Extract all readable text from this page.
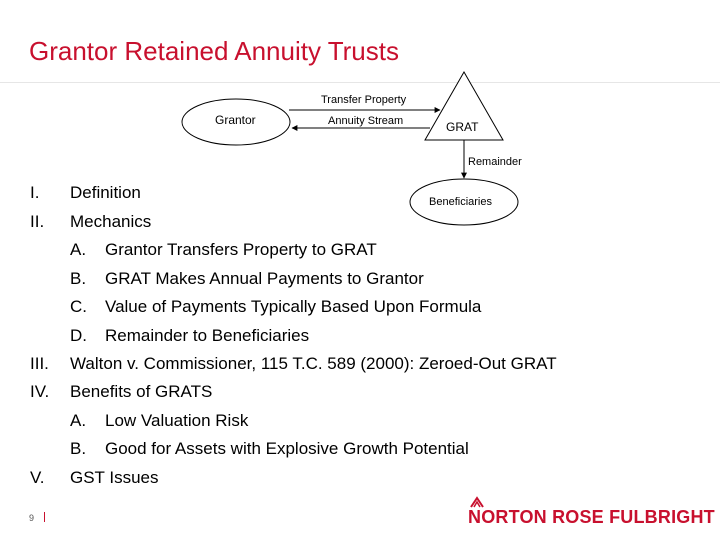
Grantor Retained Annuity Trusts
Grantor	GRAT
Beneficiaries
Transfer Property
Annuity Stream
Remainder
I. Definition
II. Mechanics
A. Grantor Transfers Property to GRAT
B. GRAT Makes Annual Payments to Grantor
C. Value of Payments Typically Based Upon Formula
D. Remainder to Beneficiaries
III. Walton v. Commissioner, 115 T.C. 589 (2000): Zeroed-Out GRAT
IV. Benefits of GRATS
A. Low Valuation Risk
B. Good for Assets with Explosive Growth Potential
V. GST Issues
9	NORTON ROSE FULBRIGHT
